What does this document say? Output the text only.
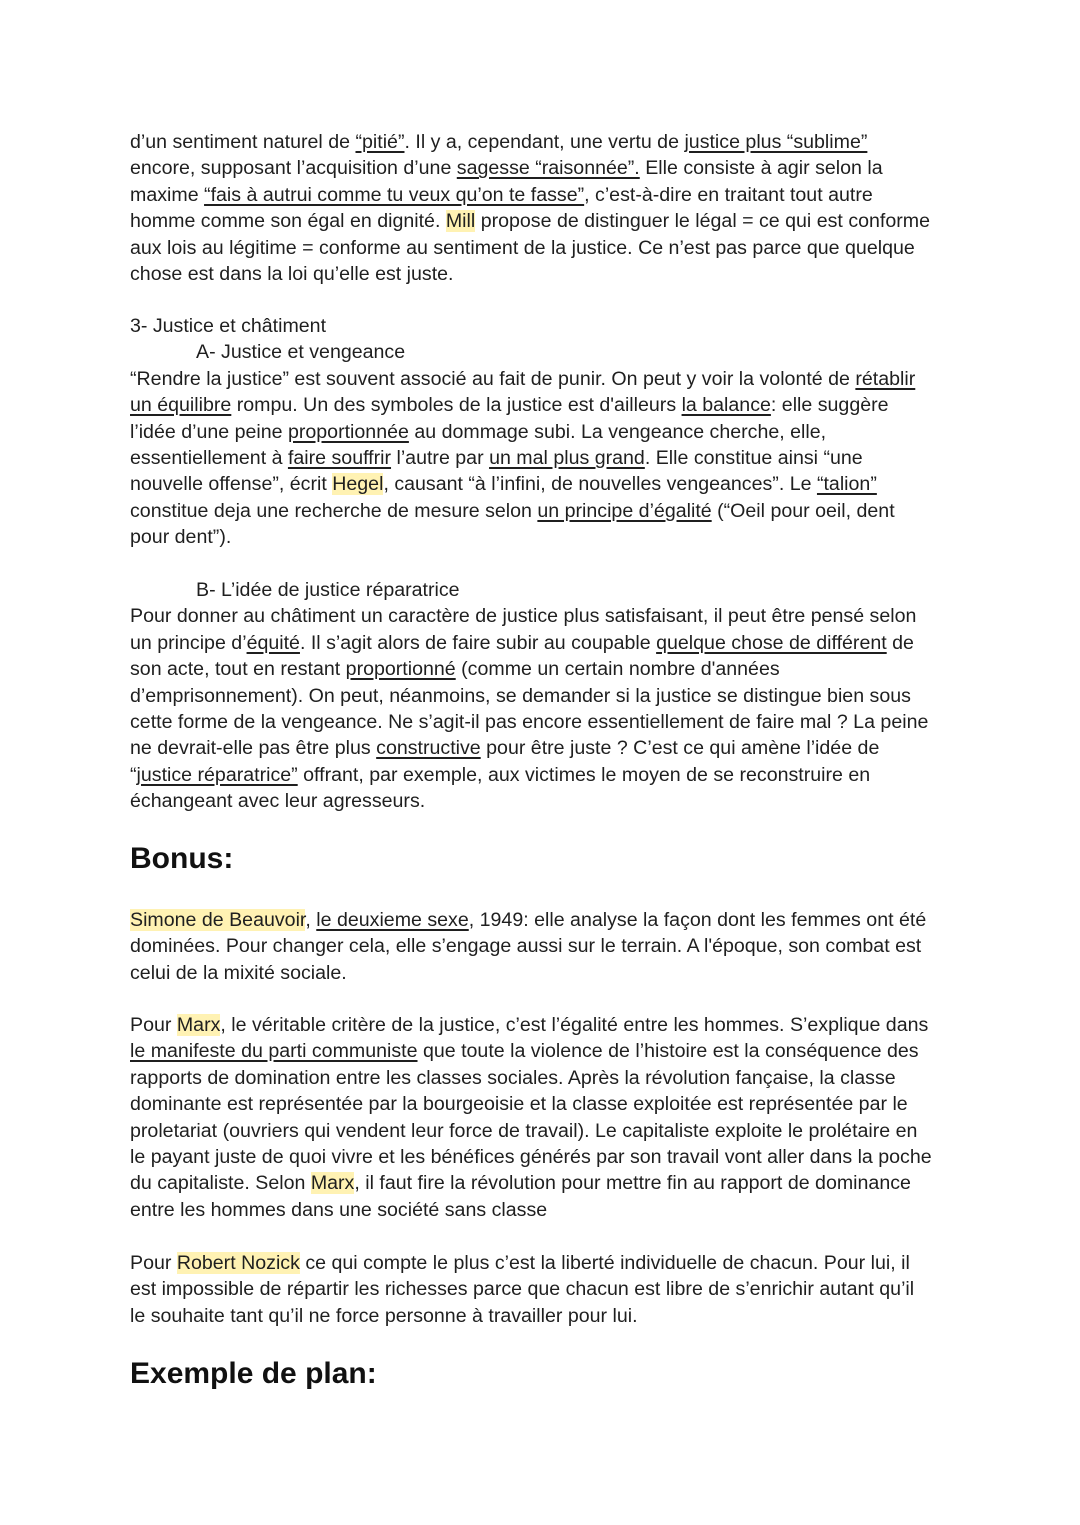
d’un sentiment naturel de “pitié”. Il y a, cependant, une vertu de justice plus “sublime”

encore, supposant l’acquisition d’une sagesse “raisonnée”. Elle consiste à agir selon la

maxime “fais à autrui comme tu veux qu’on te fasse”, c’est-à-dire en traitant tout autre

homme comme son égal en dignité. Mill propose de distinguer le légal = ce qui est conforme

aux lois au légitime = conforme au sentiment de la justice. Ce n’est pas parce que quelque

chose est dans la loi qu’elle est juste.

3- Justice et châtiment

A- Justice et vengeance

“Rendre la justice” est souvent associé au fait de punir. On peut y voir la volonté de rétablir

un équilibre rompu. Un des symboles de la justice est d'ailleurs la balance: elle suggère

l’idée d’une peine proportionnée au dommage subi. La vengeance cherche, elle,

essentiellement à faire souffrir l’autre par un mal plus grand. Elle constitue ainsi “une

nouvelle offense”, écrit Hegel, causant “à l’infini, de nouvelles vengeances”. Le “talion”

constitue deja une recherche de mesure selon un principe d’égalité (“Oeil pour oeil, dent

pour dent”).

B- L’idée de justice réparatrice

Pour donner au châtiment un caractère de justice plus satisfaisant, il peut être pensé selon

un principe d’équité. Il s’agit alors de faire subir au coupable quelque chose de différent de

son acte, tout en restant proportionné (comme un certain nombre d'années

d’emprisonnement). On peut, néanmoins, se demander si la justice se distingue bien sous

cette forme de la vengeance. Ne s’agit-il pas encore essentiellement de faire mal ? La peine

ne devrait-elle pas être plus constructive pour être juste ? C’est ce qui amène l’idée de

“justice réparatrice” offrant, par exemple, aux victimes le moyen de se reconstruire en

échangeant avec leur agresseurs.

Bonus:

Simone de Beauvoir, le deuxieme sexe, 1949: elle analyse la façon dont les femmes ont été

dominées. Pour changer cela, elle s’engage aussi sur le terrain. A l'époque, son combat est

celui de la mixité sociale.

Pour Marx, le véritable critère de la justice, c’est l’égalité entre les hommes. S’explique dans

le manifeste du parti communiste que toute la violence de l’histoire est la conséquence des

rapports de domination entre les classes sociales. Après la révolution fançaise, la classe

dominante est représentée par la bourgeoisie et la classe exploitée est représentée par le

proletariat (ouvriers qui vendent leur force de travail). Le capitaliste exploite le prolétaire en

le payant juste de quoi vivre et les bénéfices générés par son travail vont aller dans la poche

du capitaliste. Selon Marx, il faut fire la révolution pour mettre fin au rapport de dominance

entre les hommes dans une société sans classe

Pour Robert Nozick ce qui compte le plus c’est la liberté individuelle de chacun. Pour lui, il

est impossible de répartir les richesses parce que chacun est libre de s’enrichir autant qu’il

le souhaite tant qu’il ne force personne à travailler pour lui.

Exemple de plan:
